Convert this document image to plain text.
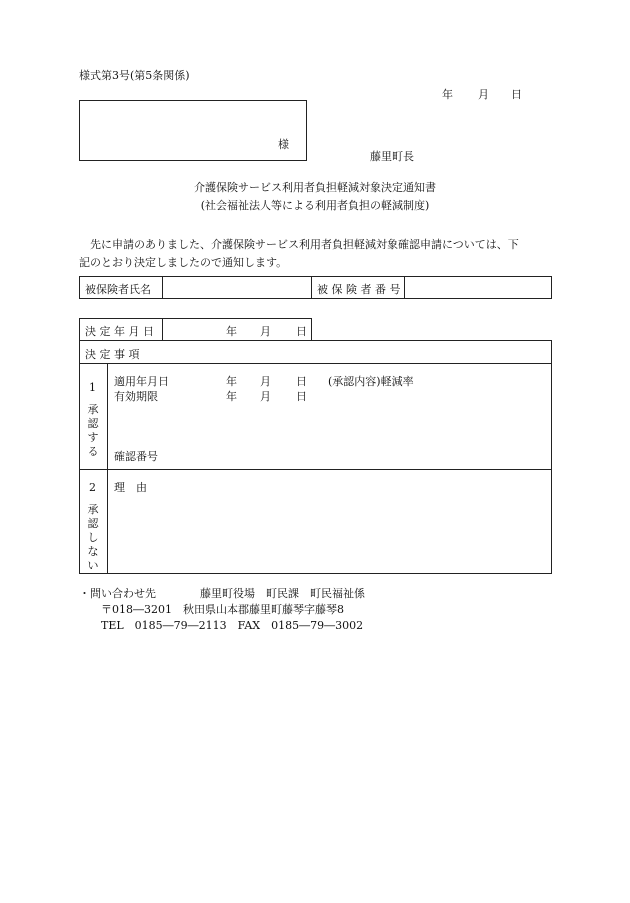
様式第3号(第5条関係)
年 月 日
様
藤里町長
介護保険サービス利用者負担軽減対象決定通知書
(社会福祉法人等による利用者負担の軽減制度)
先に申請のありました、介護保険サービス利用者負担軽減対象確認申請については、下
記のとおり決定しましたので通知します。
被保険者氏名	被 保 険 者 番 号
決 定 年 月 日	年 月 日
決 定 事 項
1
承
認
す
る
適用年月日	年 月 日 (承認内容)軽減率
有効期限	年 月 日
確認番号
2
承
認
し
な
い
理　由
・問い合わせ先	藤里町役場　町民課　町民福祉係
〒018―3201　秋田県山本郡藤里町藤琴字藤琴8
TEL　0185―79―2113　FAX　0185―79―3002
